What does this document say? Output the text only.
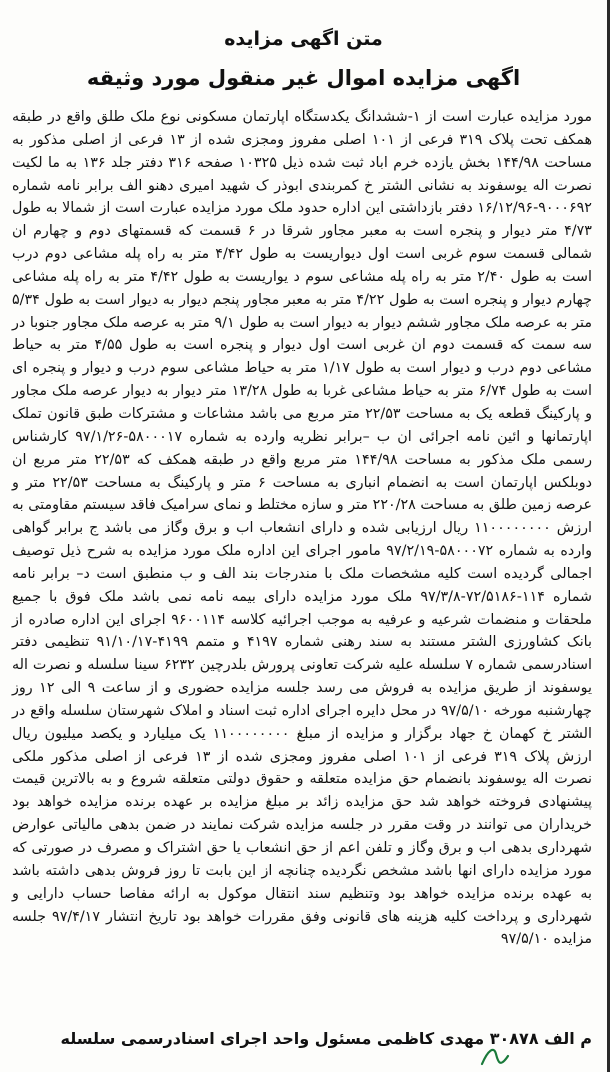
متن اگهی مزایده
اگهی مزایده اموال غیر منقول مورد وثیقه
مورد مزایده عبارت است از ۱-ششدانگ یکدستگاه اپارتمان مسکونی نوع ملک طلق واقع در طبقه همکف تحت پلاک ۳۱۹ فرعی از ۱۰۱ اصلی مفروز ومجزی شده از ۱۳ فرعی از اصلی مذکور به مساحت ۱۴۴/۹۸ بخش یازده خرم اباد ثبت شده ذیل ۱۰۳۲۵ صفحه ۳۱۶ دفتر جلد ۱۳۶ به ما لکیت نصرت اله یوسفوند به نشانی الشتر خ کمربندی ابوذر ک شهید امیری دهنو الف برابر نامه شماره ۹۰۰۰۶۹۲-۱۶/۱۲/۹۶ دفتر بازداشتی این اداره حدود ملک مورد مزایده عبارت است از شمالا به طول ۴/۷۳ متر دیوار و پنجره است به معبر مجاور شرقا در ۶ قسمت که قسمتهای دوم و چهارم ان شمالی قسمت سوم غربی است اول دیواریست به طول ۴/۴۲ متر به راه پله مشاعی دوم درب است به طول ۲/۴۰ متر به راه پله مشاعی سوم د یواریست به طول ۴/۴۲ متر به راه پله مشاعی چهارم دیوار و پنجره است به طول ۴/۲۲ متر به معبر مجاور پنجم دیوار به دیوار است به طول ۵/۳۴ متر به عرصه ملک مجاور ششم دیوار به دیوار است به طول ۹/۱ متر به عرصه ملک مجاور جنوبا در سه سمت که قسمت دوم ان غربی است اول دیوار و پنجره است به طول ۴/۵۵ متر به حیاط مشاعی دوم درب و دیوار است به طول ۱/۱۷ متر به حیاط مشاعی سوم درب و دیوار و پنجره ای است به طول ۶/۷۴ متر به حیاط مشاعی غربا به طول ۱۳/۲۸ متر دیوار به دیوار عرصه ملک مجاور و پارکینگ قطعه یک به مساحت ۲۲/۵۳ متر مربع می باشد مشاعات و مشترکات طبق قانون تملک اپارتمانها و ائین نامه اجرائی ان ب –برابر نظریه وارده به شماره ۵۸۰۰۰۱۷-۹۷/۱/۲۶ کارشناس رسمی ملک مذکور به مساحت ۱۴۴/۹۸ متر مربع واقع در طبقه همکف که ۲۲/۵۳ متر مربع ان دوبلکس اپارتمان است به انضمام انباری به مساحت ۶ متر و پارکینگ به مساحت ۲۲/۵۳ متر و عرصه زمین طلق به مساحت ۲۲۰/۲۸ متر و سازه مختلط و نمای سرامیک فاقد سیستم مقاومتی به ارزش ۱۱۰۰۰۰۰۰۰۰ ریال ارزیابی شده و دارای انشعاب اب و برق وگاز می باشد ج برابر گواهی وارده به شماره ۵۸۰۰۰۷۲-۹۷/۲/۱۹ مامور اجرای این اداره ملک مورد مزایده به شرح ذیل توصیف اجمالی گردیده است کلیه مشخصات ملک با مندرجات بند الف و ب منطبق است د– برابر نامه شماره ۱۱۴-۷۲/۵۱۸۶-۹۷/۳/۸ ملک مورد مزایده دارای بیمه نامه نمی باشد ملک فوق با جمیع ملحقات و منضمات شرعیه و عرفیه به موجب اجرائیه کلاسه ۹۶۰۰۱۱۴ اجرای این اداره صادره از بانک کشاورزی الشتر مستند به سند رهنی شماره ۴۱۹۷ و متمم ۴۱۹۹-۹۱/۱۰/۱۷ تنظیمی دفتر اسنادرسمی شماره ۷ سلسله علیه شرکت تعاونی پرورش بلدرچین ۶۲۳۲ سینا سلسله و نصرت اله یوسفوند از طریق مزایده به فروش می رسد جلسه مزایده حضوری و از ساعت ۹ الی ۱۲ روز چهارشنبه مورخه ۹۷/۵/۱۰ در محل دایره اجرای اداره ثبت اسناد و املاک شهرستان سلسله واقع در الشتر خ کهمان خ جهاد برگزار و مزایده از مبلغ ۱۱۰۰۰۰۰۰۰۰ یک میلیارد و یکصد میلیون ریال ارزش پلاک ۳۱۹ فرعی از ۱۰۱ اصلی مفروز ومجزی شده از ۱۳ فرعی از اصلی مذکور ملکی نصرت اله یوسفوند بانضمام حق مزایده متعلقه و حقوق دولتی متعلقه شروع و به بالاترین قیمت پیشنهادی فروخته خواهد شد حق مزایده زائد بر مبلغ مزایده بر عهده برنده مزایده خواهد بود خریداران می توانند در وقت مقرر در جلسه مزایده شرکت نمایند در ضمن بدهی مالیاتی عوارض شهرداری بدهی اب و برق وگاز و تلفن اعم از حق انشعاب یا حق اشتراک و مصرف در صورتی که مورد مزایده دارای انها باشد مشخص نگردیده چنانچه از این بابت تا روز فروش بدهی داشته باشد به عهده برنده مزایده خواهد بود وتنظیم سند انتقال موکول به ارائه مفاصا حساب دارایی و شهرداری و پرداخت کلیه هزینه های قانونی وفق مقررات خواهد بود تاریخ انتشار ۹۷/۴/۱۷ جلسه مزایده ۹۷/۵/۱۰
م الف ۳۰۸۷۸ مهدی کاظمی مسئول واحد اجرای اسنادرسمی سلسله
